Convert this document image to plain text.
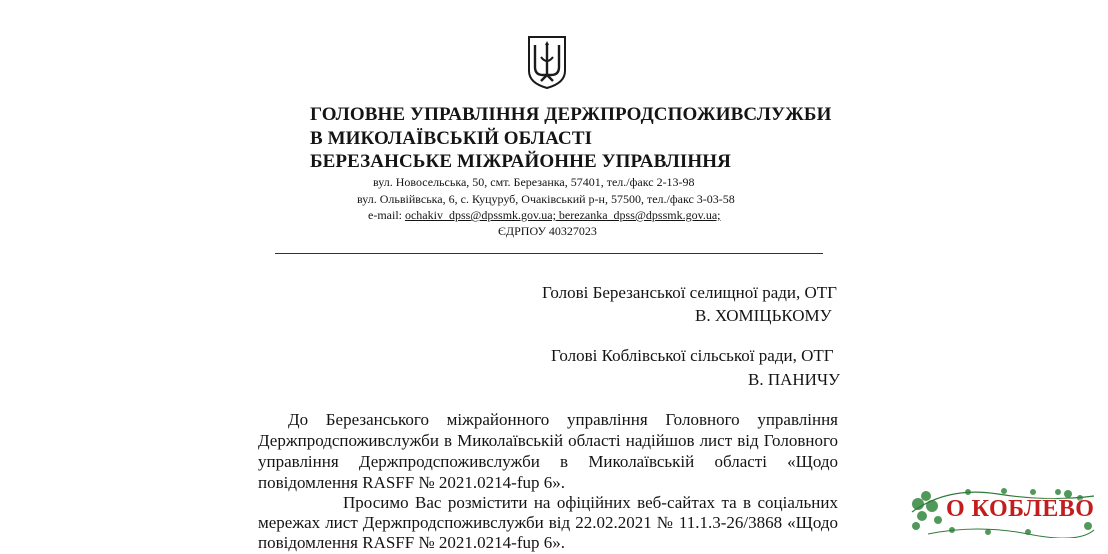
ГОЛОВНЕ УПРАВЛІННЯ ДЕРЖПРОДСПОЖИВСЛУЖБИ
В МИКОЛАЇВСЬКІЙ ОБЛАСТІ
БЕРЕЗАНСЬКЕ МІЖРАЙОННЕ УПРАВЛІННЯ
вул. Новосельська, 50, смт. Березанка, 57401, тел./факс 2-13-98
вул. Ольвійвська, 6, с. Куцуруб, Очаківський р-н, 57500, тел./факс 3-03-58
e-mail: ochakiv_dpss@dpssmk.gov.ua; berezanka_dpss@dpssmk.gov.ua;
ЄДРПОУ 40327023
Голові Березанської селищної ради, ОТГ
В. ХОМІЦЬКОМУ
Голові Коблівської сільської ради, ОТГ
В. ПАНИЧУ
До Березанського міжрайонного управління Головного управління
Держпродспоживслужби в Миколаївській області надійшов лист від Головного
управління Держпродспоживслужби в Миколаївській області «Щодо
повідомлення RASFF № 2021.0214-fup 6».
Просимо Вас розмістити на офіційних веб-сайтах та в соціальних
мережах лист Держпродспоживслужби від 22.02.2021 № 11.1.3-26/3868 «Щодо
повідомлення RASFF № 2021.0214-fup 6».
О КОБЛЕВО
